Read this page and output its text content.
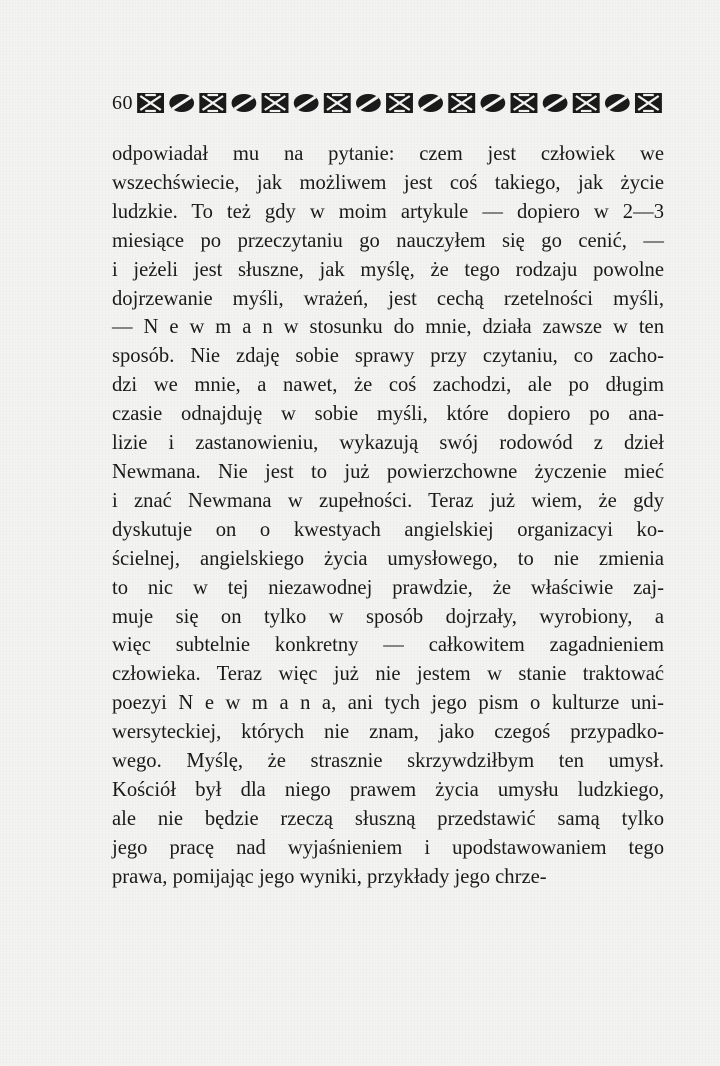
60
odpowiadał mu na pytanie: czem jest człowiek we
wszechświecie, jak możliwem jest coś takiego, jak życie
ludzkie. To też gdy w moim artykule — dopiero w 2—3
miesiące po przeczytaniu go nauczyłem się go cenić, —
i jeżeli jest słuszne, jak myślę, że tego rodzaju powolne
dojrzewanie myśli, wrażeń, jest cechą rzetelności myśli,
— N e w m a n w stosunku do mnie, działa zawsze w ten
sposób. Nie zdaję sobie sprawy przy czytaniu, co zacho-
dzi we mnie, a nawet, że coś zachodzi, ale po długim
czasie odnajduję w sobie myśli, które dopiero po ana-
lizie i zastanowieniu, wykazują swój rodowód z dzieł
Newmana. Nie jest to już powierzchowne życzenie mieć
i znać Newmana w zupełności. Teraz już wiem, że gdy
dyskutuje on o kwestyach angielskiej organizacyi ko-
ścielnej, angielskiego życia umysłowego, to nie zmienia
to nic w tej niezawodnej prawdzie, że właściwie zaj-
muje się on tylko w sposób dojrzały, wyrobiony, a
więc subtelnie konkretny — całkowitem zagadnieniem
człowieka. Teraz więc już nie jestem w stanie traktować
poezyi N e w m a n a, ani tych jego pism o kulturze uni-
wersyteckiej, których nie znam, jako czegoś przypadko-
wego. Myślę, że strasznie skrzywdziłbym ten umysł.
Kościół był dla niego prawem życia umysłu ludzkiego,
ale nie będzie rzeczą słuszną przedstawić samą tylko
jego pracę nad wyjaśnieniem i upodstawowaniem tego
prawa, pomijając jego wyniki, przykłady jego chrze-
